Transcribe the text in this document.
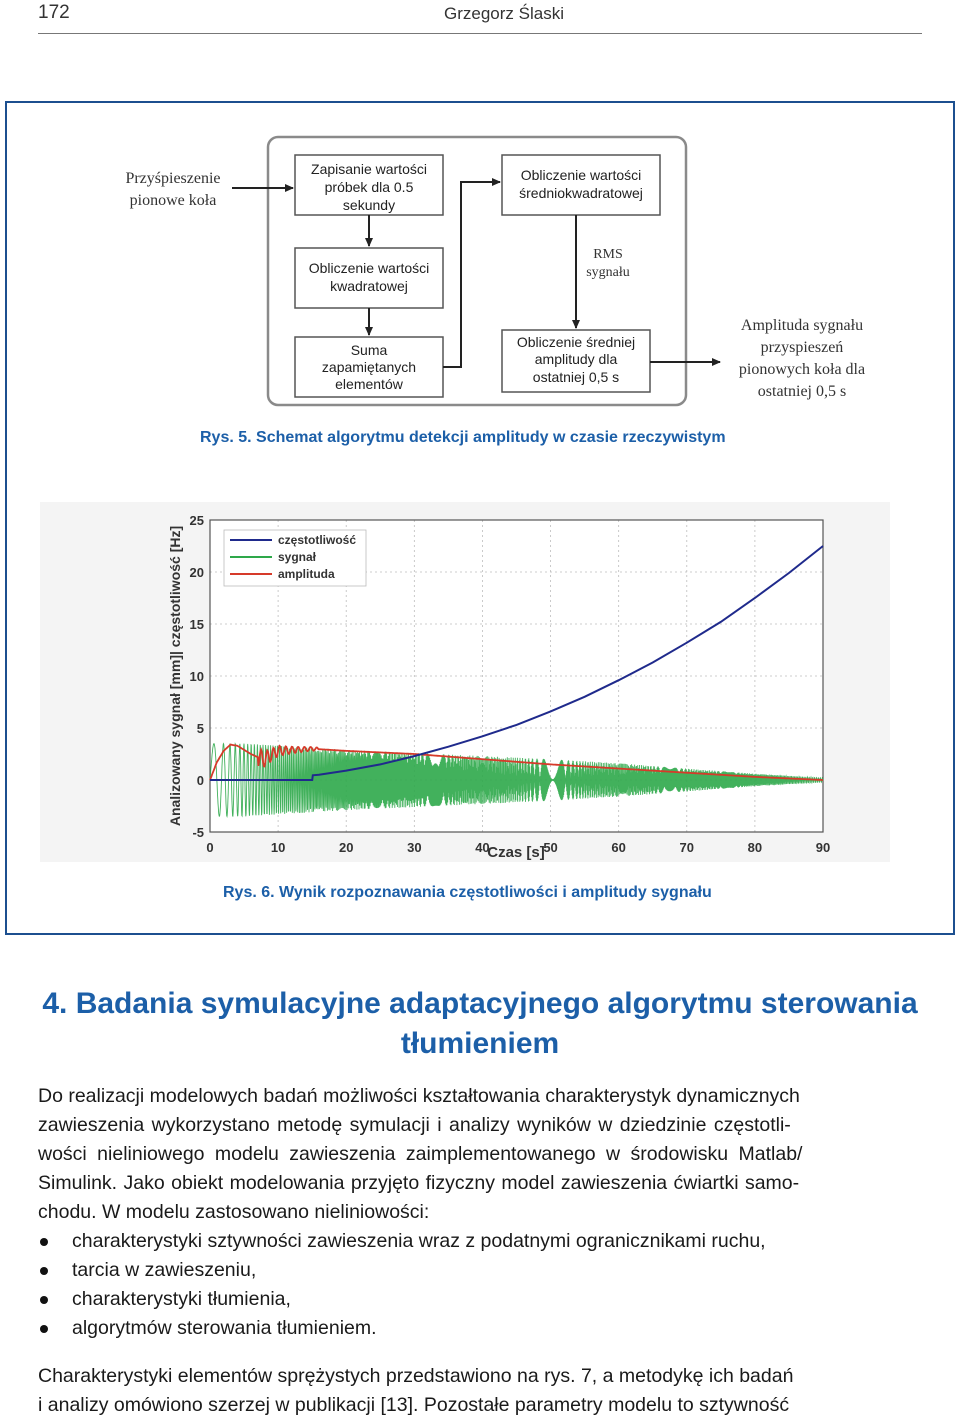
172	Grzegorz Ślaski
Przyśpieszenie
pionowe koła
Zapisanie wartości
próbek dla 0.5
sekundy
Obliczenie wartości
kwadratowej
Suma
zapamiętanych
elementów
Obliczenie wartości
średniokwadratowej
Obliczenie średniej
amplitudy dla
ostatniej 0,5 s
RMS
sygnału
Amplituda sygnału
przyspieszeń
pionowych koła dla
ostatniej 0,5 s
Rys. 5. Schemat algorytmu detekcji amplitudy w czasie rzeczywistym
0	10	20	30	40	50	60	70	80	90
25
20
15
10
5
0
-5
Czas [s]
Analizowany sygnał [mm]| częstotliwość [Hz]	częstotliwość
sygnał
amplituda
Rys. 6. Wynik rozpoznawania częstotliwości i amplitudy sygnału
4. Badania symulacyjne adaptacyjnego algorytmu sterowania
tłumieniem
Do realizacji modelowych badań możliwości kształtowania charakterystyk dynamicznych
zawieszenia wykorzystano metodę symulacji i analizy wyników w dziedzinie częstotli-
wości nieliniowego modelu zawieszenia zaimplementowanego w środowisku Matlab/
Simulink. Jako obiekt modelowania przyjęto fizyczny model zawieszenia ćwiartki samo-
chodu. W modelu zastosowano nieliniowości:
charakterystyki sztywności zawieszenia wraz z podatnymi ogranicznikami ruchu,
tarcia w zawieszeniu,
charakterystyki tłumienia,
algorytmów sterowania tłumieniem.
Charakterystyki elementów sprężystych przedstawiono na rys. 7, a metodykę ich badań
i analizy omówiono szerzej w publikacji [13]. Pozostałe parametry modelu to sztywność
